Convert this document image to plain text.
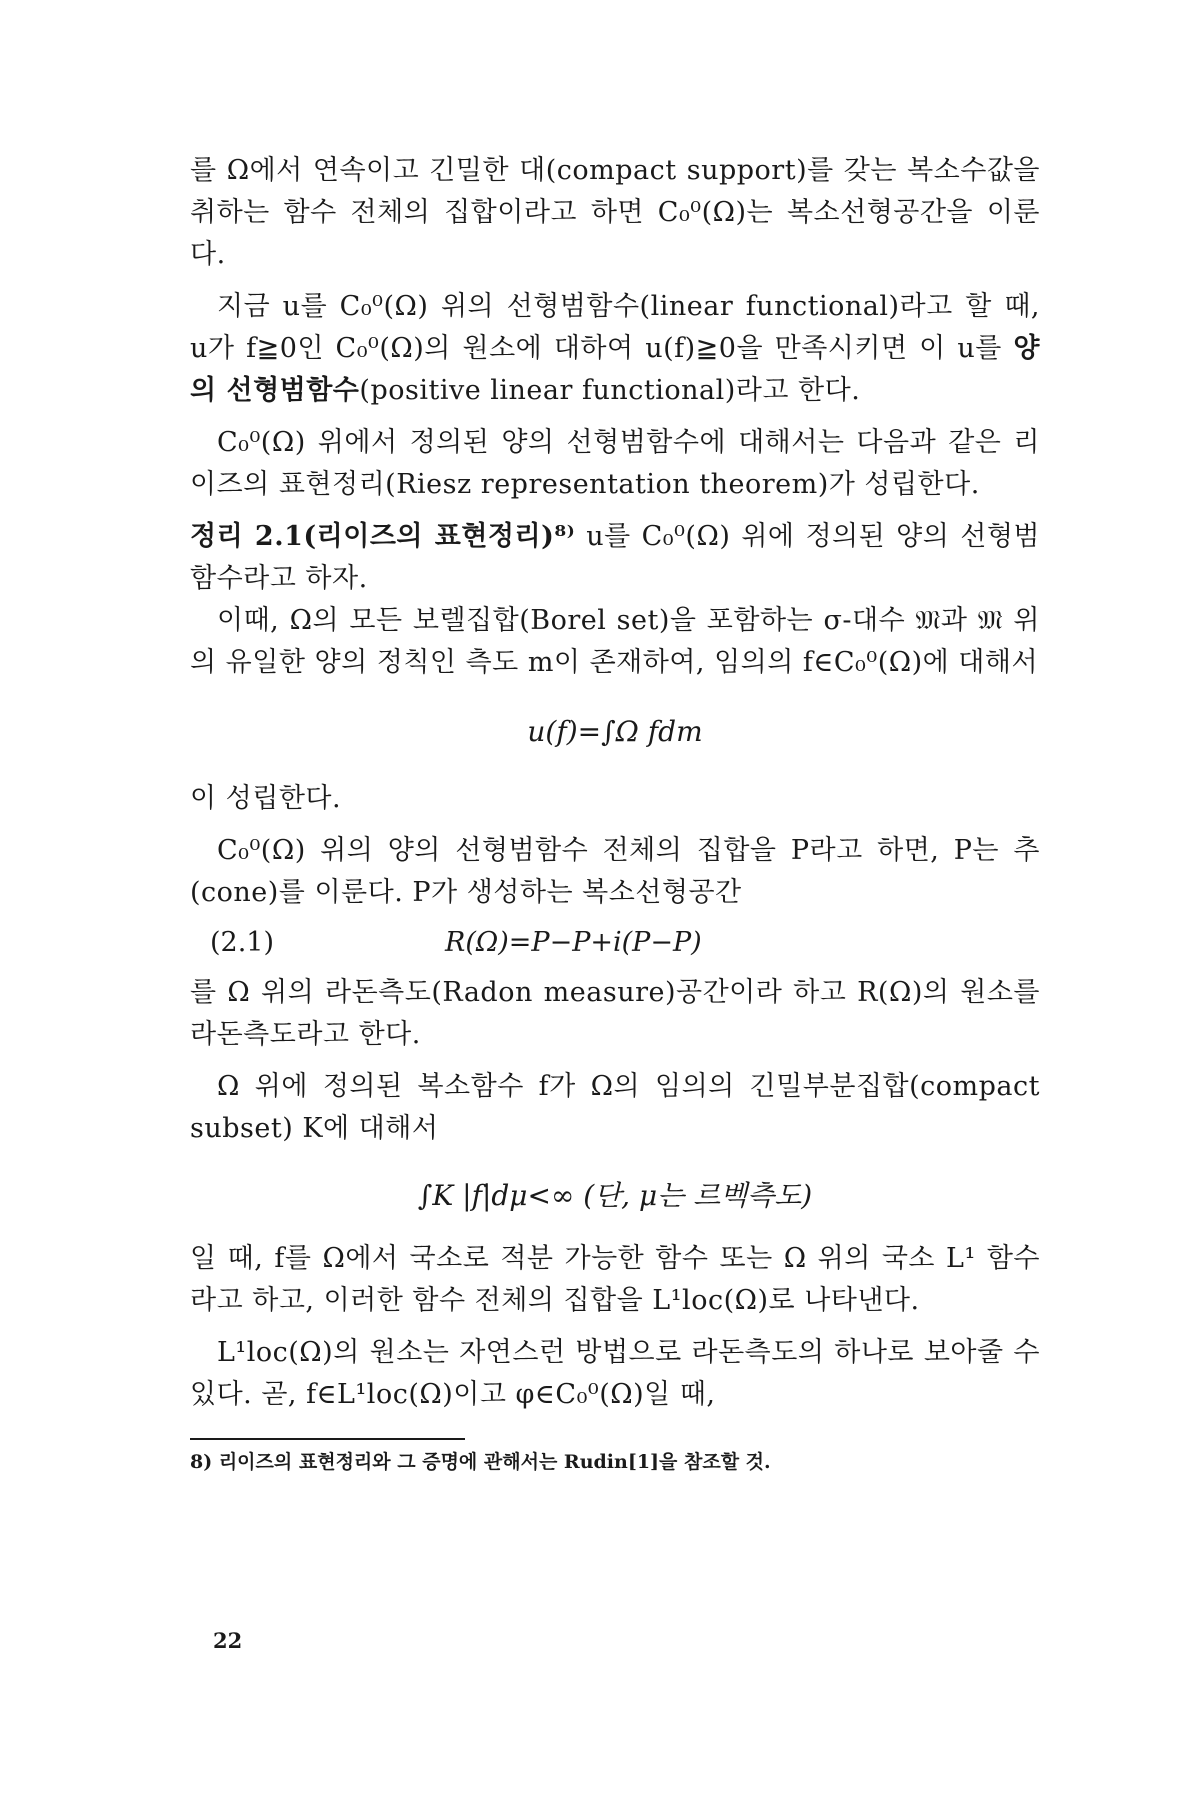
를 Ω에서 연속이고 긴밀한 대(compact support)를 갖는 복소수값을 취하는 함수 전체의 집합이라고 하면 C₀⁰(Ω)는 복소선형공간을 이룬다.

지금 u를 C₀⁰(Ω) 위의 선형범함수(linear functional)라고 할 때, u가 f≧0인 C₀⁰(Ω)의 원소에 대하여 u(f)≧0을 만족시키면 이 u를 양의 선형범함수(positive linear functional)라고 한다.

C₀⁰(Ω) 위에서 정의된 양의 선형범함수에 대해서는 다음과 같은 리이즈의 표현정리(Riesz representation theorem)가 성립한다.

정리 2.1(리이즈의 표현정리)⁸⁾ u를 C₀⁰(Ω) 위에 정의된 양의 선형범함수라고 하자.

이때, Ω의 모든 보렐집합(Borel set)을 포함하는 σ-대수 𝔐과 𝔐 위의 유일한 양의 정칙인 측도 m이 존재하여, 임의의 f∈C₀⁰(Ω)에 대해서

u(f)=∫Ω fdm

이 성립한다.

C₀⁰(Ω) 위의 양의 선형범함수 전체의 집합을 P라고 하면, P는 추(cone)를 이룬다. P가 생성하는 복소선형공간

(2.1)	R(Ω)=P−P+i(P−P)

를 Ω 위의 라돈측도(Radon measure)공간이라 하고 R(Ω)의 원소를 라돈측도라고 한다.

Ω 위에 정의된 복소함수 f가 Ω의 임의의 긴밀부분집합(compact subset) K에 대해서

∫K |f|dμ<∞ (단, μ는 르벡측도)

일 때, f를 Ω에서 국소로 적분 가능한 함수 또는 Ω 위의 국소 L¹ 함수라고 하고, 이러한 함수 전체의 집합을 L¹loc(Ω)로 나타낸다.

L¹loc(Ω)의 원소는 자연스런 방법으로 라돈측도의 하나로 보아줄 수 있다. 곧, f∈L¹loc(Ω)이고 φ∈C₀⁰(Ω)일 때,

8) 리이즈의 표현정리와 그 증명에 관해서는 Rudin[1]을 참조할 것.
22
